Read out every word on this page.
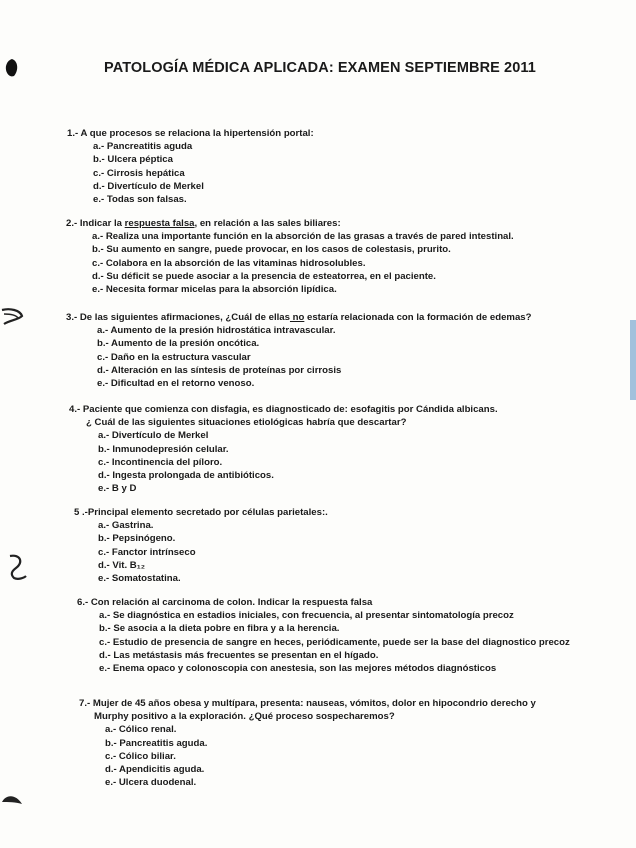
PATOLOGÍA MÉDICA APLICADA: EXAMEN SEPTIEMBRE 2011
1.- A que procesos se relaciona la hipertensión portal:
a.- Pancreatitis aguda
b.- Ulcera péptica
c.- Cirrosis hepática
d.- Divertículo de Merkel
e.- Todas son falsas.
2.- Indicar la respuesta falsa, en relación a las sales biliares:
a.- Realiza una importante función en la absorción de las grasas a través de pared intestinal.
b.- Su aumento en sangre, puede provocar, en los casos de colestasis, prurito.
c.- Colabora en la absorción de las vitaminas hidrosolubles.
d.- Su déficit se puede asociar a la presencia de esteatorrea, en el paciente.
e.- Necesita formar micelas para la absorción lipídica.
3.- De las siguientes afirmaciones, ¿Cuál de ellas no estaría relacionada con la formación de edemas?
a.- Aumento de la presión hidrostática intravascular.
b.- Aumento de la presión oncótica.
c.- Daño en la estructura vascular
d.- Alteración en las síntesis de proteínas por cirrosis
e.- Dificultad en el retorno venoso.
4.- Paciente que comienza con disfagia, es diagnosticado de: esofagitis por Cándida albicans.
¿ Cuál de las siguientes situaciones etiológicas habría que descartar?
a.- Divertículo de Merkel
b.- Inmunodepresión celular.
c.- Incontinencia del píloro.
d.- Ingesta prolongada de antibióticos.
e.- B y D
5 .-Principal elemento secretado por células parietales:.
a.- Gastrina.
b.- Pepsinógeno.
c.- Fanctor intrínseco
d.- Vit. B₁₂
e.- Somatostatina.
6.- Con relación al carcinoma de colon. Indicar la respuesta falsa
a.- Se diagnóstica en estadios iniciales, con frecuencia, al presentar sintomatología precoz
b.- Se asocia a la dieta pobre en fibra y a la herencia.
c.- Estudio de presencia de sangre en heces, periódicamente, puede ser la base del diagnostico precoz
d.- Las metástasis más frecuentes se presentan en el hígado.
e.- Enema opaco y colonoscopia con anestesia, son las mejores métodos diagnósticos
7.- Mujer de 45 años obesa y multípara, presenta: nauseas, vómitos, dolor en hipocondrio derecho y
Murphy positivo a la exploración. ¿Qué proceso sospecharemos?
a.- Cólico renal.
b.- Pancreatitis aguda.
c.- Cólico biliar.
d.- Apendicitis aguda.
e.- Ulcera duodenal.
